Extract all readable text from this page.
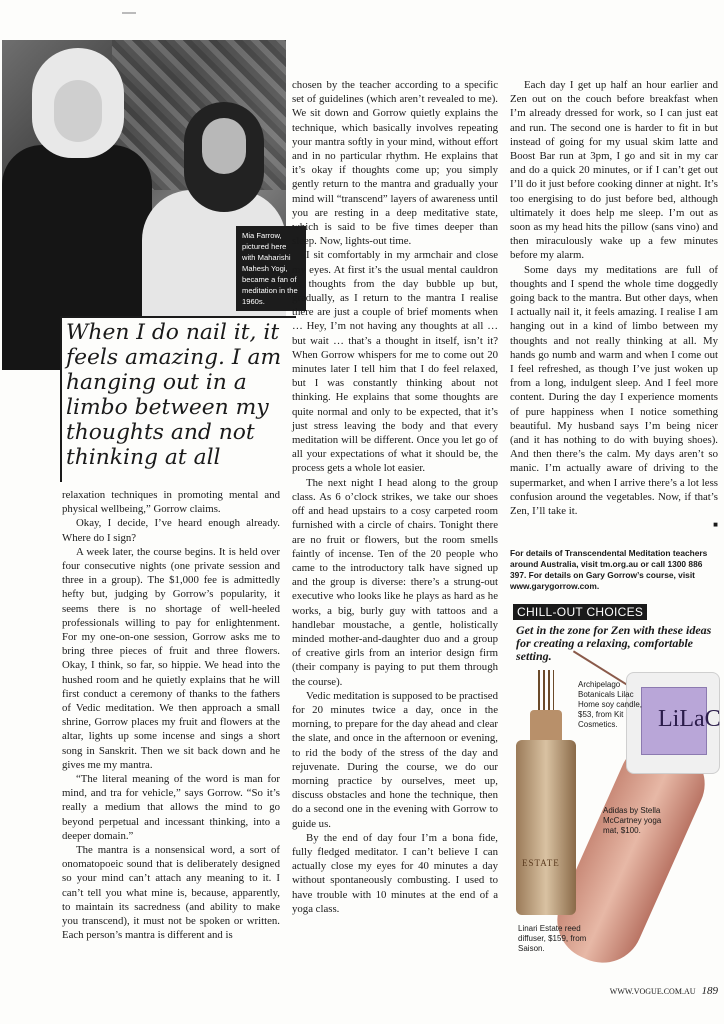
Mia Farrow, pictured here with Maharishi Mahesh Yogi, became a fan of meditation in the 1960s.
When I do nail it, it feels amazing. I am hanging out in a limbo between my thoughts and not thinking at all

relaxation techniques in promoting mental and physical wellbeing,” Gorrow claims.

Okay, I decide, I’ve heard enough already. Where do I sign?

A week later, the course begins. It is held over four consecutive nights (one private session and three in a group). The $1,000 fee is admittedly hefty but, judging by Gorrow’s popularity, it seems there is no shortage of well-heeled professionals willing to pay for enlightenment. For my one-on-one session, Gorrow asks me to bring three pieces of fruit and three flowers. Okay, I think, so far, so hippie. We head into the hushed room and he quietly explains that he will first conduct a ceremony of thanks to the fathers of Vedic meditation. We then approach a small shrine, Gorrow places my fruit and flowers at the altar, lights up some incense and sings a short song in Sanskrit. Then we sit back down and he gives me my mantra.

“The literal meaning of the word is man for mind, and tra for vehicle,” says Gorrow. “So it’s really a medium that allows the mind to go beyond perpetual and incessant thinking, into a deeper domain.”

The mantra is a nonsensical word, a sort of onomatopoeic sound that is deliberately designed so your mind can’t attach any meaning to it. I can’t tell you what mine is, because, apparently, to maintain its sacredness (and ability to make you transcend), it must not be spoken or written. Each person’s mantra is different and is

chosen by the teacher according to a specific set of guidelines (which aren’t revealed to me). We sit down and Gorrow quietly explains the technique, which basically involves repeating your mantra softly in your mind, without effort and in no particular rhythm. He explains that it’s okay if thoughts come up; you simply gently return to the mantra and gradually your mind will “transcend” layers of awareness until you are resting in a deep meditative state, which is said to be five times deeper than sleep. Now, lights-out time.

I sit comfortably in my armchair and close my eyes. At first it’s the usual mental cauldron as thoughts from the day bubble up but, gradually, as I return to the mantra I realise there are just a couple of brief moments when … Hey, I’m not having any thoughts at all … but wait … that’s a thought in itself, isn’t it? When Gorrow whispers for me to come out 20 minutes later I tell him that I do feel relaxed, but I was constantly thinking about not thinking. He explains that some thoughts are quite normal and only to be expected, that it’s just stress leaving the body and that every meditation will be different. Once you let go of all your expectations of what it should be, the process gets a whole lot easier.

The next night I head along to the group class. As 6 o’clock strikes, we take our shoes off and head upstairs to a cosy carpeted room furnished with a circle of chairs. Tonight there are no fruit or flowers, but the room smells faintly of incense. Ten of the 20 people who came to the introductory talk have signed up and the group is diverse: there’s a strung-out executive who looks like he plays as hard as he works, a big, burly guy with tattoos and a handlebar moustache, a gentle, holistically minded mother-and-daughter duo and a group of creative girls from an interior design firm (their company is paying to put them through the course).

Vedic meditation is supposed to be practised for 20 minutes twice a day, once in the morning, to prepare for the day ahead and clear the slate, and once in the afternoon or evening, to rid the body of the stress of the day and rejuvenate. During the course, we do our morning practice by ourselves, meet up, discuss obstacles and hone the technique, then do a second one in the evening with Gorrow to guide us.

By the end of day four I’m a bona fide, fully fledged meditator. I can’t believe I can actually close my eyes for 40 minutes a day without spontaneously combusting. I used to have trouble with 10 minutes at the end of a yoga class.

Each day I get up half an hour earlier and Zen out on the couch before breakfast when I’m already dressed for work, so I can just eat and run. The second one is harder to fit in but instead of going for my usual skim latte and Boost Bar run at 3pm, I go and sit in my car and do a quick 20 minutes, or if I can’t get out I’ll do it just before cooking dinner at night. It’s too energising to do just before bed, although ultimately it does help me sleep. I’m out as soon as my head hits the pillow (sans vino) and then miraculously wake up a few minutes before my alarm.

Some days my meditations are full of thoughts and I spend the whole time doggedly going back to the mantra. But other days, when I actually nail it, it feels amazing. I realise I am hanging out in a kind of limbo between my thoughts and not really thinking at all. My hands go numb and warm and when I come out I feel refreshed, as though I’ve just woken up from a long, indulgent sleep. And I feel more content. During the day I experience moments of pure happiness when I notice something beautiful. My husband says I’m being nicer (and it has nothing to do with buying shoes). And then there’s the calm. My days aren’t so manic. I’m actually aware of driving to the supermarket, and when I arrive there’s a lot less confusion around the vegetables. Now, if that’s Zen, I’ll take it.

■

For details of Transcendental Meditation teachers around Australia, visit tm.org.au or call 1300 886 397. For details on Gary Gorrow’s course, visit www.garygorrow.com.
CHILL-OUT CHOICES
Get in the zone for Zen with these ideas for creating a relaxing, comfortable setting.
LiLaC
ESTATE
Archipelago Botanicals Lilac Home soy candle, $53, from Kit Cosmetics.
Adidas by Stella McCartney yoga mat, $100.
Linari Estate reed diffuser, $159, from Saison.
WWW.VOGUE.COM.AU 189
